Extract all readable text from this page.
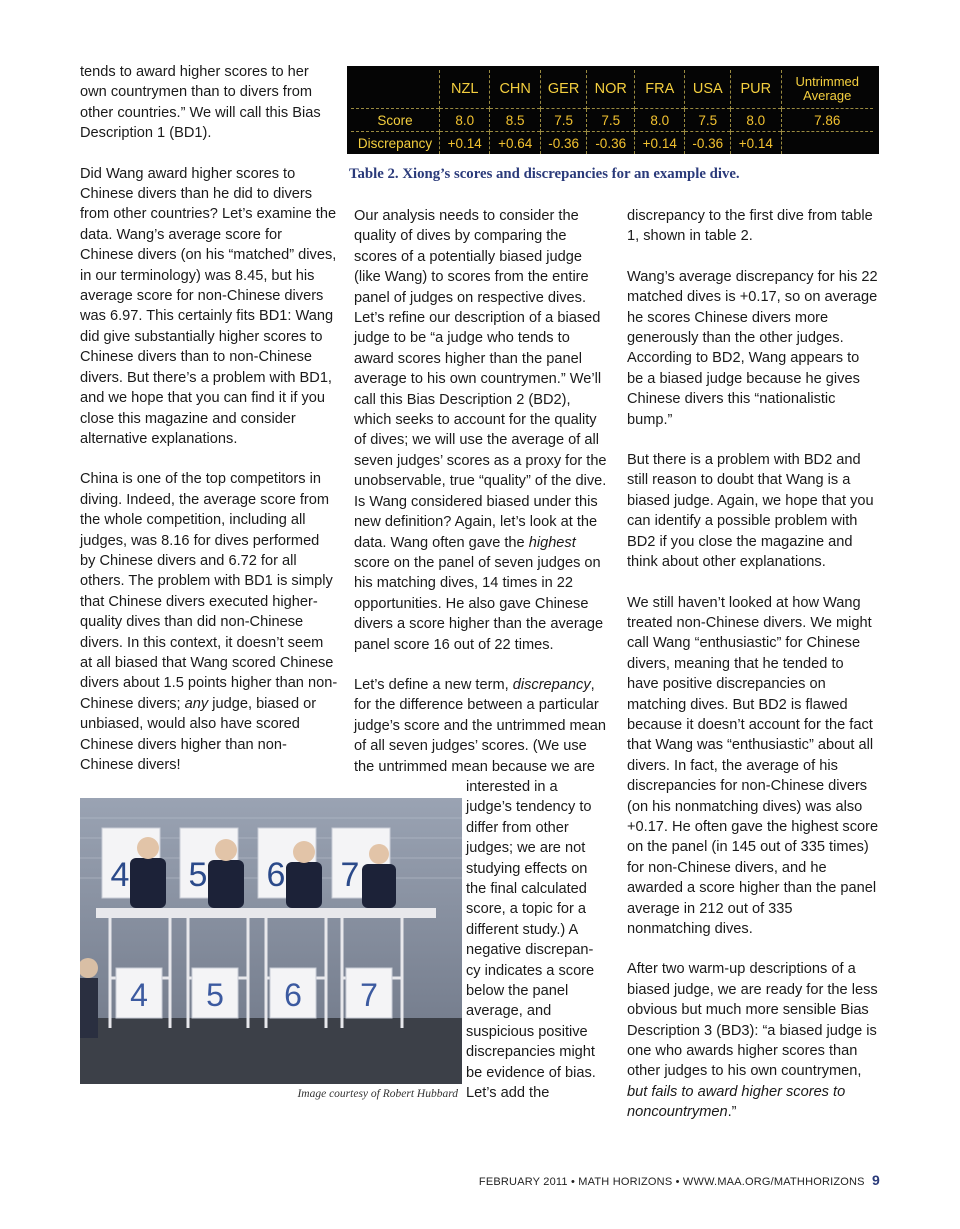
	NZL	CHN	GER	NOR	FRA	USA	PUR	Untrimmed
Average
Score	8.0	8.5	7.5	7.5	8.0	7.5	8.0	7.86
Discrepancy	+0.14	+0.64	-0.36	-0.36	+0.14	-0.36	+0.14	

Table 2. Xiong’s scores and discrepancies for an example dive.

tends to award higher scores to her own countrymen than to divers from other countries.” We will call this Bias Description 1 (BD1).

Did Wang award higher scores to Chinese divers than he did to divers from other countries? Let’s examine the data. Wang’s average score for Chinese divers (on his “matched” dives, in our terminology) was 8.45, but his average score for non-Chinese divers was 6.97. This certainly fits BD1: Wang did give substantially higher scores to Chinese divers than to non-Chinese divers. But there’s a problem with BD1, and we hope that you can find it if you close this magazine and consider alternative explanations.

China is one of the top competitors in diving. Indeed, the average score from the whole competition, including all judges, was 8.16 for dives performed by Chinese divers and 6.72 for all others. The problem with BD1 is simply that Chinese divers executed higher-quality dives than did non-Chinese divers. In this context, it doesn’t seem at all biased that Wang scored Chinese divers about 1.5 points higher than non-Chinese divers; any judge, biased or unbiased, would also have scored Chinese divers higher than non-Chinese divers!

Our analysis needs to consider the quality of dives by comparing the scores of a potentially biased judge (like Wang) to scores from the entire panel of judges on respective dives. Let’s refine our description of a biased judge to be “a judge who tends to award scores higher than the panel average to his own countrymen.” We’ll call this Bias Description 2 (BD2), which seeks to account for the quality of dives; we will use the average of all seven judges’ scores as a proxy for the unobservable, true “quality” of the dive. Is Wang considered biased under this new definition? Again, let’s look at the data. Wang often gave the highest score on the panel of seven judges on his matching dives, 14 times in 22 opportunities. He also gave Chinese divers a score higher than the average panel score 16 out of 22 times.

Let’s define a new term, discrepancy, for the difference between a particular judge’s score and the untrimmed mean of all seven judges’ scores. (We use the untrimmed mean because we are

interested in a judge’s tendency to differ from other judges; we are not studying effects on the final calculated score, a topic for a different study.) A negative discrepan-cy indicates a score below the panel average, and suspicious positive discrepancies might be evidence of bias. Let’s add the

discrepancy to the first dive from table 1, shown in table 2.

Wang’s average discrepancy for his 22 matched dives is +0.17, so on average he scores Chinese divers more generously than the other judges. According to BD2, Wang appears to be a biased judge because he gives Chinese divers this “nationalistic bump.”

But there is a problem with BD2 and still reason to doubt that Wang is a biased judge. Again, we hope that you can identify a possible problem with BD2 if you close the magazine and think about other explanations.

We still haven’t looked at how Wang treated non-Chinese divers. We might call Wang “enthusiastic” for Chinese divers, meaning that he tended to have positive discrepancies on matching dives. But BD2 is flawed because it doesn’t account for the fact that Wang was “enthusiastic” about all divers. In fact, the average of his discrepancies for non-Chinese divers (on his nonmatching dives) was also +0.17. He often gave the highest score on the panel (in 145 out of 335 times) for non-Chinese divers, and he awarded a score higher than the panel average in 212 out of 335 nonmatching dives.

After two warm-up descriptions of a biased judge, we are ready for the less obvious but much more sensible Bias Description 3 (BD3): “a biased judge is one who awards higher scores than other judges to his own countrymen, but fails to award higher scores to noncountrymen.”

4 5 6 7
4 5 6 7
Image courtesy of Robert Hubbard
FEBRUARY 2011 • MATH HORIZONS • WWW.MAA.ORG/MATHHORIZONS 9
